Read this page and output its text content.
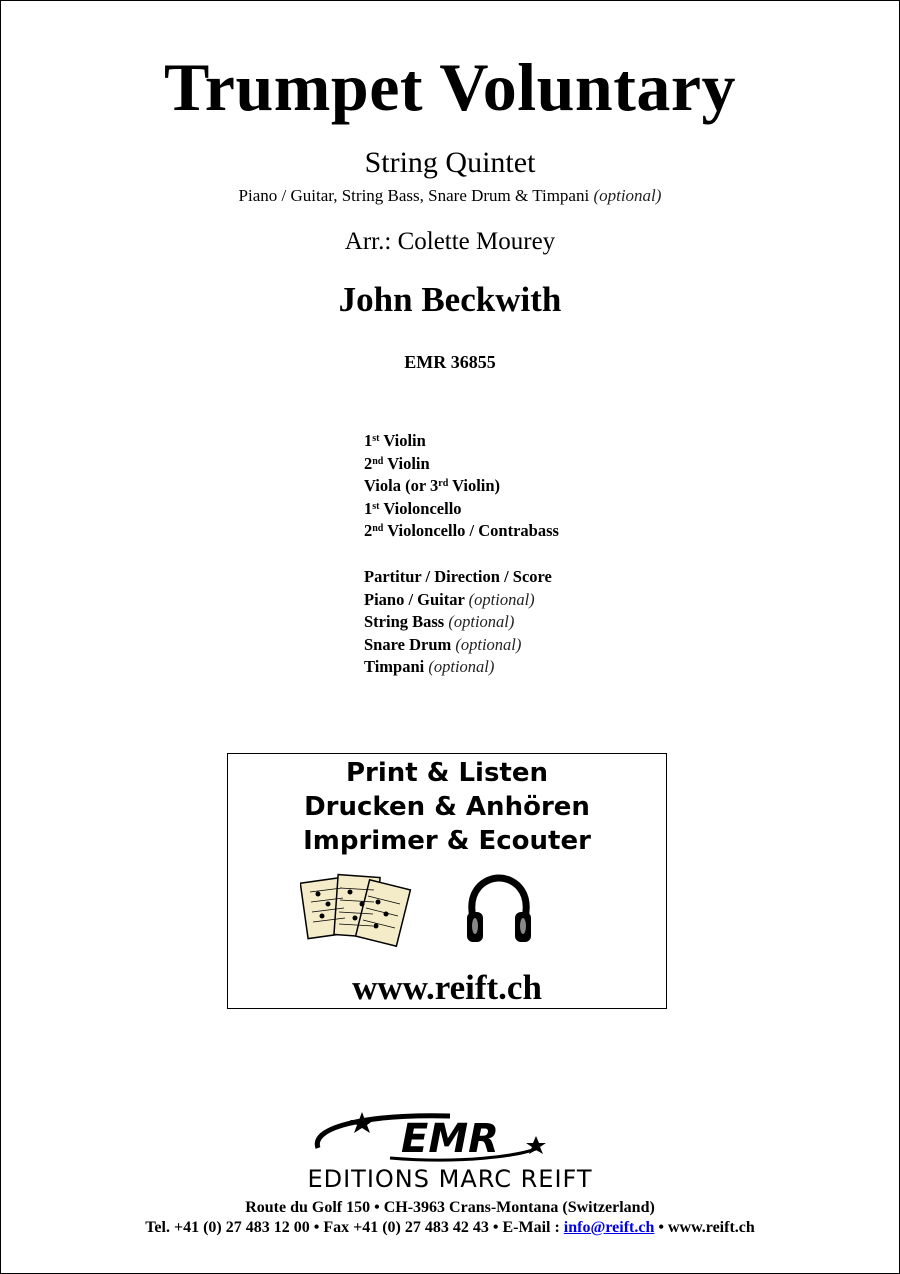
Trumpet Voluntary
String Quintet
Piano / Guitar, String Bass, Snare Drum & Timpani (optional)
Arr.: Colette Mourey
John Beckwith
EMR 36855
1st Violin
2nd Violin
Viola (or 3rd Violin)
1st Violoncello
2nd Violoncello / Contrabass
Partitur / Direction / Score
Piano / Guitar (optional)
String Bass (optional)
Snare Drum (optional)
Timpani (optional)
Print & Listen
Drucken & Anhören
Imprimer & Ecouter
www.reift.ch
EMR
EDITIONS MARC REIFT
Route du Golf 150 • CH-3963 Crans-Montana (Switzerland)
Tel. +41 (0) 27 483 12 00 • Fax +41 (0) 27 483 42 43 • E-Mail : info@reift.ch • www.reift.ch
